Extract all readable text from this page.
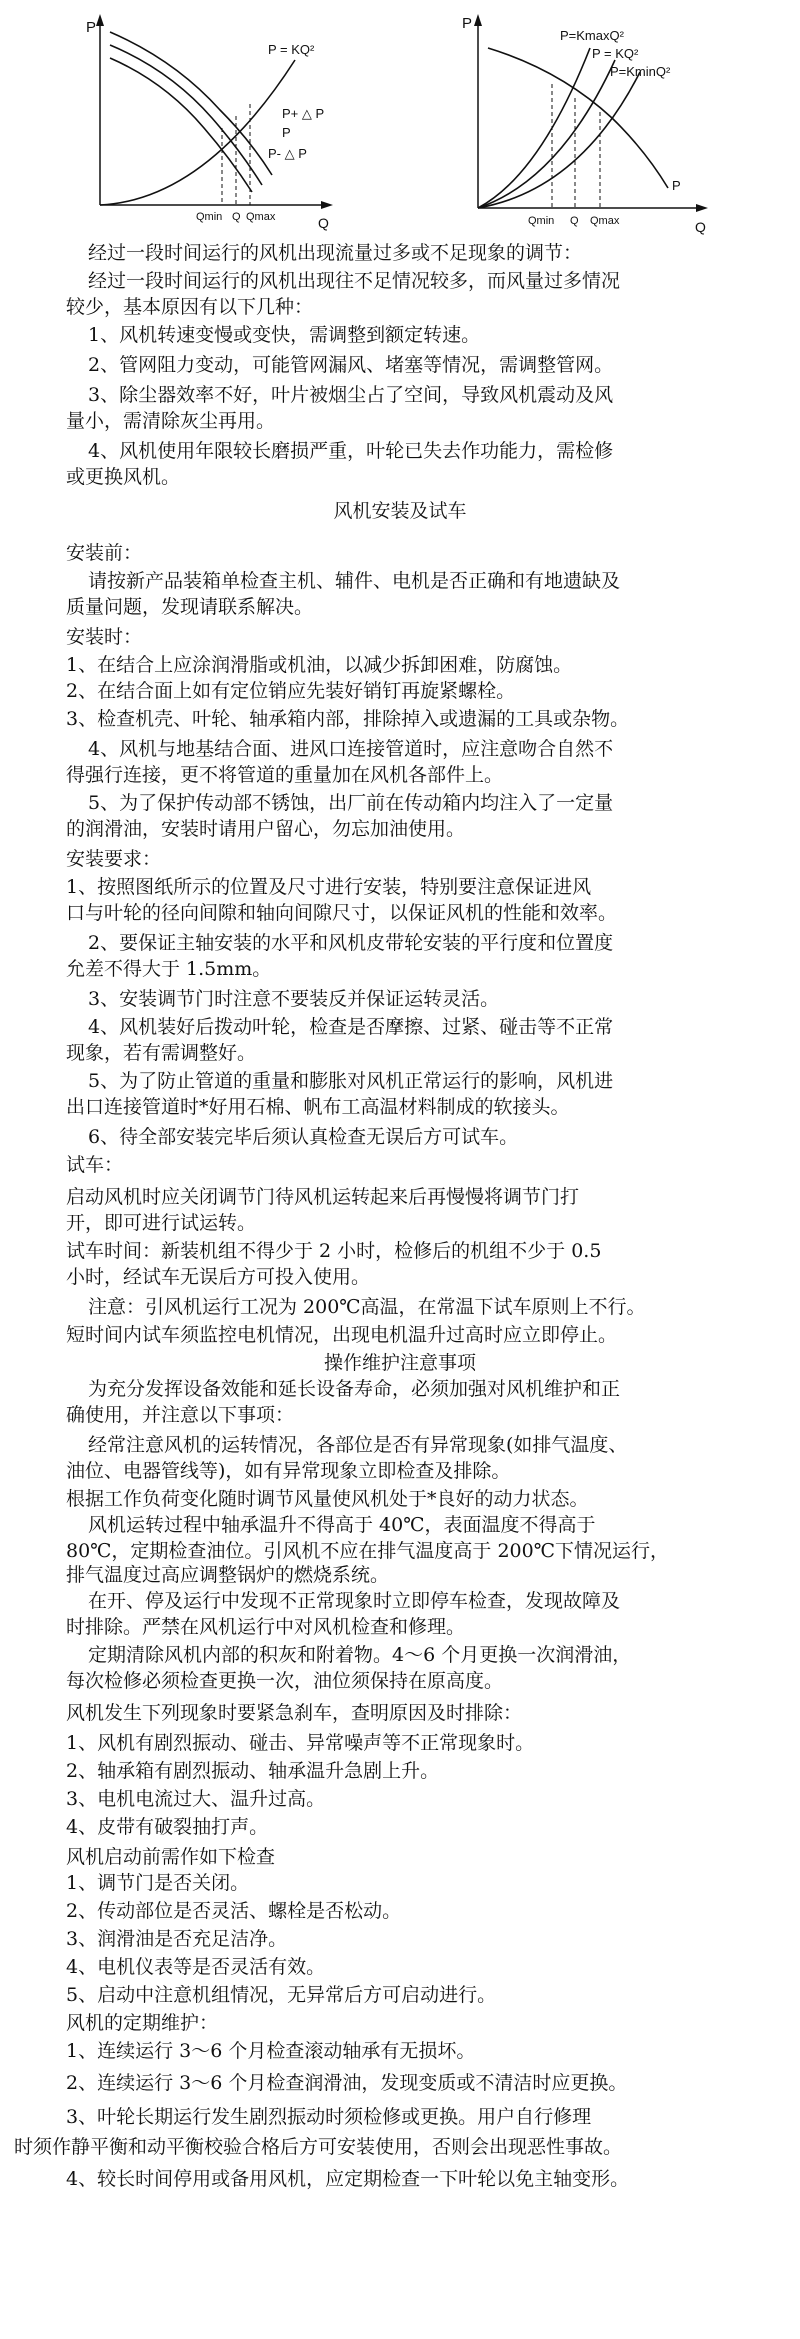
P
Q
P = KQ²
P+ △ P
P
P- △ P
Qmin Q Qmax
P
Q
P=KmaxQ²
P = KQ²
P=KminQ²
P
Qmin Q Qmax
经过一段时间运行的风机出现流量过多或不足现象的调节：
经过一段时间运行的风机出现往不足情况较多，而风量过多情况
较少，基本原因有以下几种：
1、风机转速变慢或变快，需调整到额定转速。
2、管网阻力变动，可能管网漏风、堵塞等情况，需调整管网。
3、除尘器效率不好，叶片被烟尘占了空间，导致风机震动及风
量小，需清除灰尘再用。
4、风机使用年限较长磨损严重，叶轮已失去作功能力，需检修
或更换风机。
风机安装及试车
安装前：
请按新产品装箱单检查主机、辅件、电机是否正确和有地遗缺及
质量问题，发现请联系解决。
安装时：
1、在结合上应涂润滑脂或机油，以减少拆卸困难，防腐蚀。
2、在结合面上如有定位销应先装好销钉再旋紧螺栓。
3、检查机壳、叶轮、轴承箱内部，排除掉入或遗漏的工具或杂物。
4、风机与地基结合面、进风口连接管道时，应注意吻合自然不
得强行连接，更不将管道的重量加在风机各部件上。
5、为了保护传动部不锈蚀，出厂前在传动箱内均注入了一定量
的润滑油，安装时请用户留心，勿忘加油使用。
安装要求：
1、按照图纸所示的位置及尺寸进行安装，特别要注意保证进风
口与叶轮的径向间隙和轴向间隙尺寸，以保证风机的性能和效率。
2、要保证主轴安装的水平和风机皮带轮安装的平行度和位置度
允差不得大于 1.5mm。
3、安装调节门时注意不要装反并保证运转灵活。
4、风机装好后拨动叶轮，检查是否摩擦、过紧、碰击等不正常
现象，若有需调整好。
5、为了防止管道的重量和膨胀对风机正常运行的影响，风机进
出口连接管道时*好用石棉、帆布工高温材料制成的软接头。
6、待全部安装完毕后须认真检查无误后方可试车。
试车：
启动风机时应关闭调节门待风机运转起来后再慢慢将调节门打
开，即可进行试运转。
试车时间：新装机组不得少于 2 小时，检修后的机组不少于 0.5
小时，经试车无误后方可投入使用。
注意：引风机运行工况为 200℃高温，在常温下试车原则上不行。
短时间内试车须监控电机情况，出现电机温升过高时应立即停止。
操作维护注意事项
为充分发挥设备效能和延长设备寿命，必须加强对风机维护和正
确使用，并注意以下事项：
经常注意风机的运转情况，各部位是否有异常现象(如排气温度、
油位、电器管线等)，如有异常现象立即检查及排除。
根据工作负荷变化随时调节风量使风机处于*良好的动力状态。
风机运转过程中轴承温升不得高于 40℃，表面温度不得高于
80℃，定期检查油位。引风机不应在排气温度高于 200℃下情况运行，
排气温度过高应调整锅炉的燃烧系统。
在开、停及运行中发现不正常现象时立即停车检查，发现故障及
时排除。严禁在风机运行中对风机检查和修理。
定期清除风机内部的积灰和附着物。4～6 个月更换一次润滑油，
每次检修必须检查更换一次，油位须保持在原高度。
风机发生下列现象时要紧急刹车，查明原因及时排除：
1、风机有剧烈振动、碰击、异常噪声等不正常现象时。
2、轴承箱有剧烈振动、轴承温升急剧上升。
3、电机电流过大、温升过高。
4、皮带有破裂抽打声。
风机启动前需作如下检查
1、调节门是否关闭。
2、传动部位是否灵活、螺栓是否松动。
3、润滑油是否充足洁净。
4、电机仪表等是否灵活有效。
5、启动中注意机组情况，无异常后方可启动进行。
风机的定期维护：
1、连续运行 3～6 个月检查滚动轴承有无损坏。
2、连续运行 3～6 个月检查润滑油，发现变质或不清洁时应更换。
3、叶轮长期运行发生剧烈振动时须检修或更换。用户自行修理
时须作静平衡和动平衡校验合格后方可安装使用，否则会出现恶性事故。
4、较长时间停用或备用风机，应定期检查一下叶轮以免主轴变形。
